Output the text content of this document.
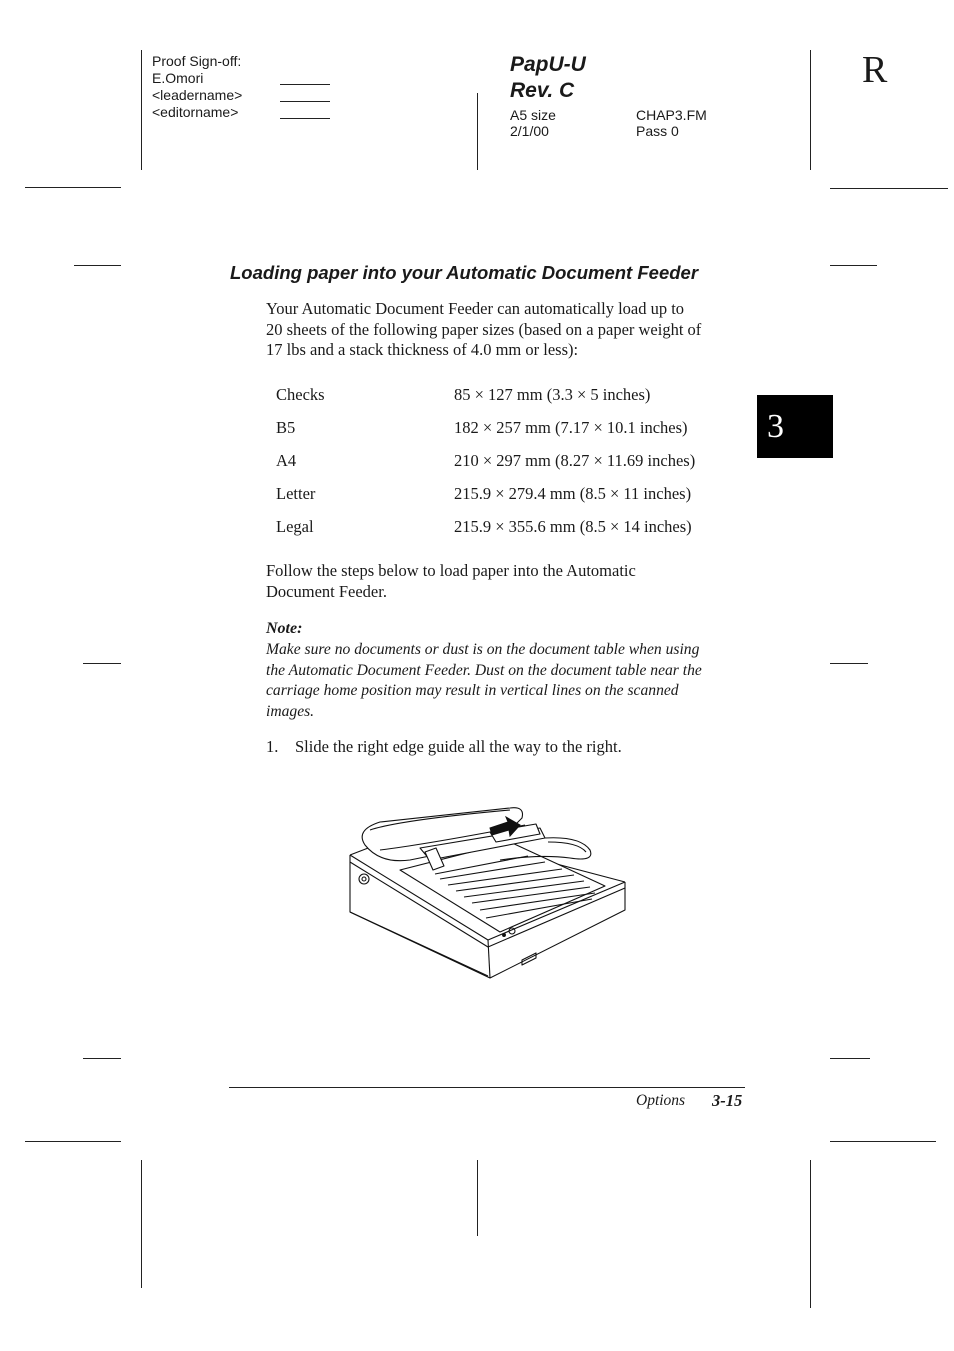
Proof Sign-off:
E.Omori
<leadername>
<editorname>
PapU-U
Rev. C
A5 size
2/1/00
CHAP3.FM
Pass 0
R
Loading paper into your Automatic Document Feeder
Your Automatic Document Feeder can automatically load up to
20 sheets of the following paper sizes (based on a paper weight of
17 lbs and a stack thickness of 4.0 mm or less):
Checks	85 × 127 mm (3.3 × 5 inches)
B5	182 × 257 mm (7.17 × 10.1 inches)
A4	210 × 297 mm (8.27 × 11.69 inches)
Letter	215.9 × 279.4 mm (8.5 × 11 inches)
Legal	215.9 × 355.6 mm (8.5 × 14 inches)
Follow the steps below to load paper into the Automatic
Document Feeder.
Note:
Make sure no documents or dust is on the document table when using
the Automatic Document Feeder. Dust on the document table near the
carriage home position may result in vertical lines on the scanned
images.
1. Slide the right edge guide all the way to the right.
3
Options 3-15
